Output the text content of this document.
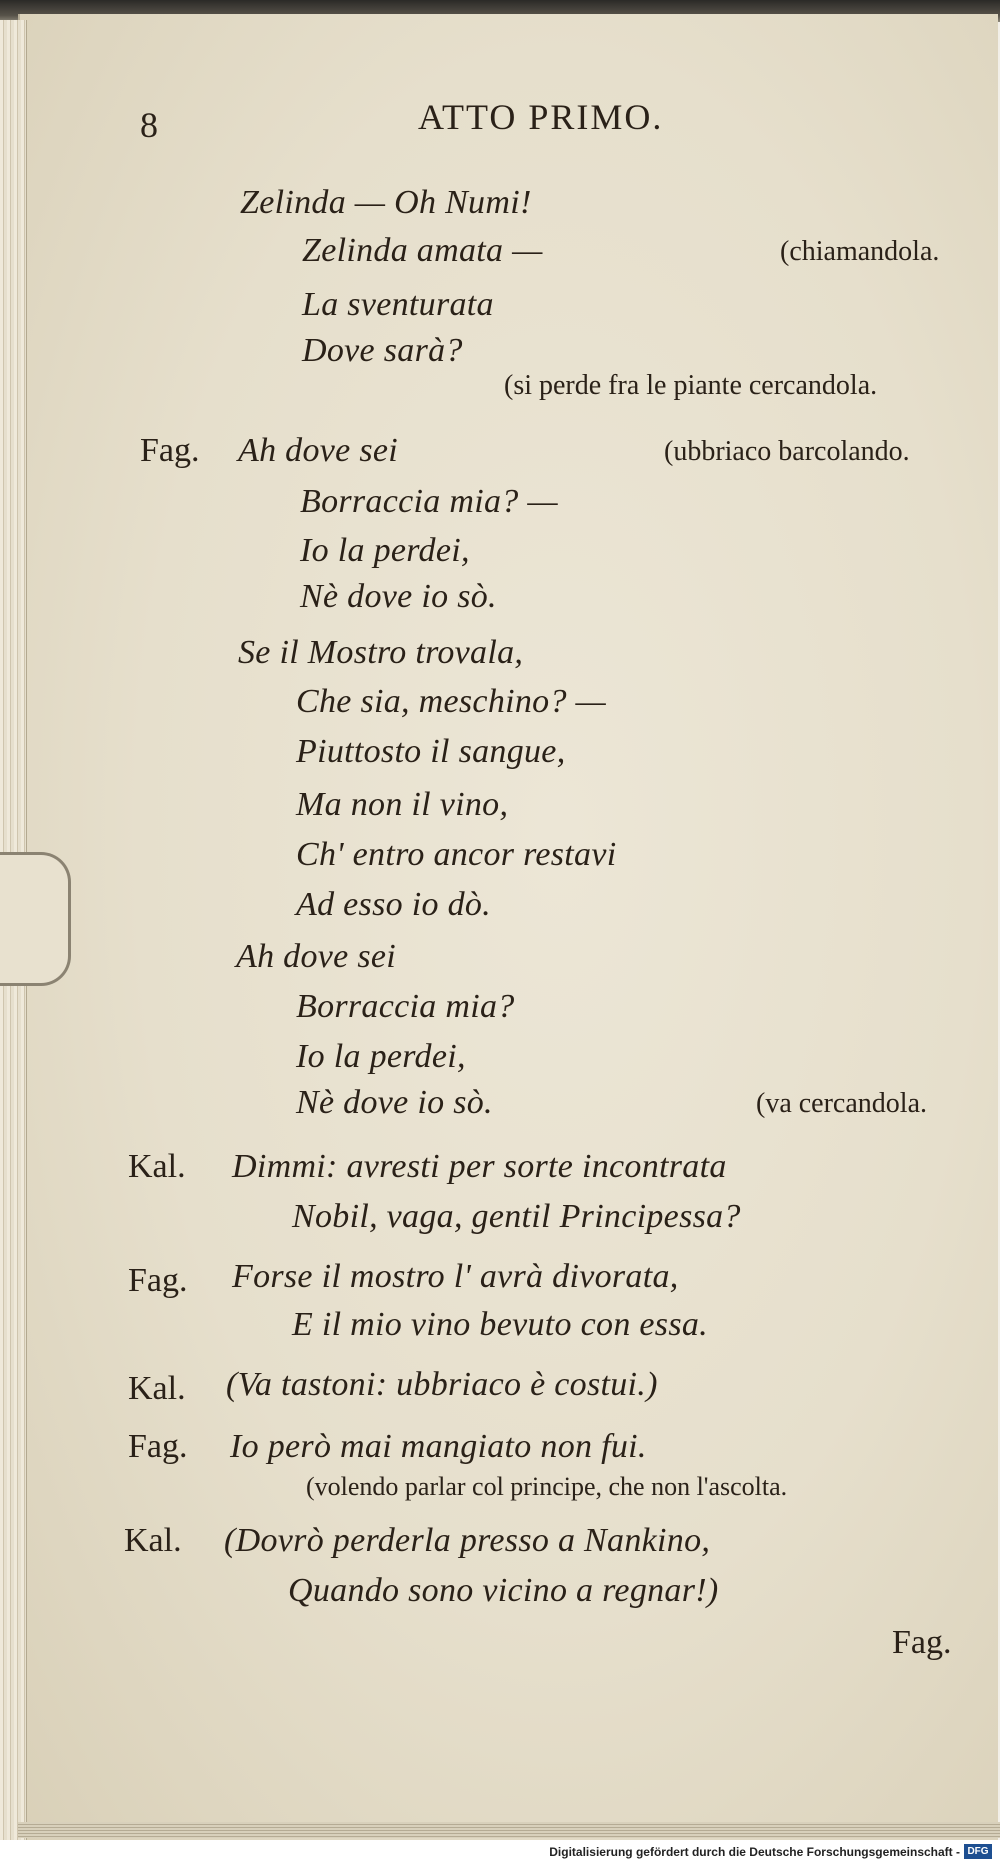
8	ATTO PRIMO.
Zelinda — Oh Numi!
Zelinda amata —
La sventurata
Dove sarà?
Ah dove sei
Borraccia mia? —
Io la perdei,
Nè dove io sò.
Se il Mostro trovala,
Che sia, meschino? —
Piuttosto il sangue,
Ma non il vino,
Ch' entro ancor restavi
Ad esso io dò.
Ah dove sei
Borraccia mia?
Io la perdei,
Nè dove io sò.
Dimmi: avresti per sorte incontrata
Nobil, vaga, gentil Principessa?
Forse il mostro l' avrà divorata,
E il mio vino bevuto con essa.
(Va tastoni: ubbriaco è costui.)
Io però mai mangiato non fui.
(Dovrò perderla presso a Nankino,
Quando sono vicino a regnar!)
Fag.
Kal.
Fag.
Kal.
Fag.
Kal.
(chiamandola.
(si perde fra le piante cercandola.
(ubbriaco barcolando.
(va cercandola.
(volendo parlar col principe, che non l'ascolta.
Fag.
Digitalisierung gefördert durch die Deutsche Forschungsgemeinschaft - DFG
